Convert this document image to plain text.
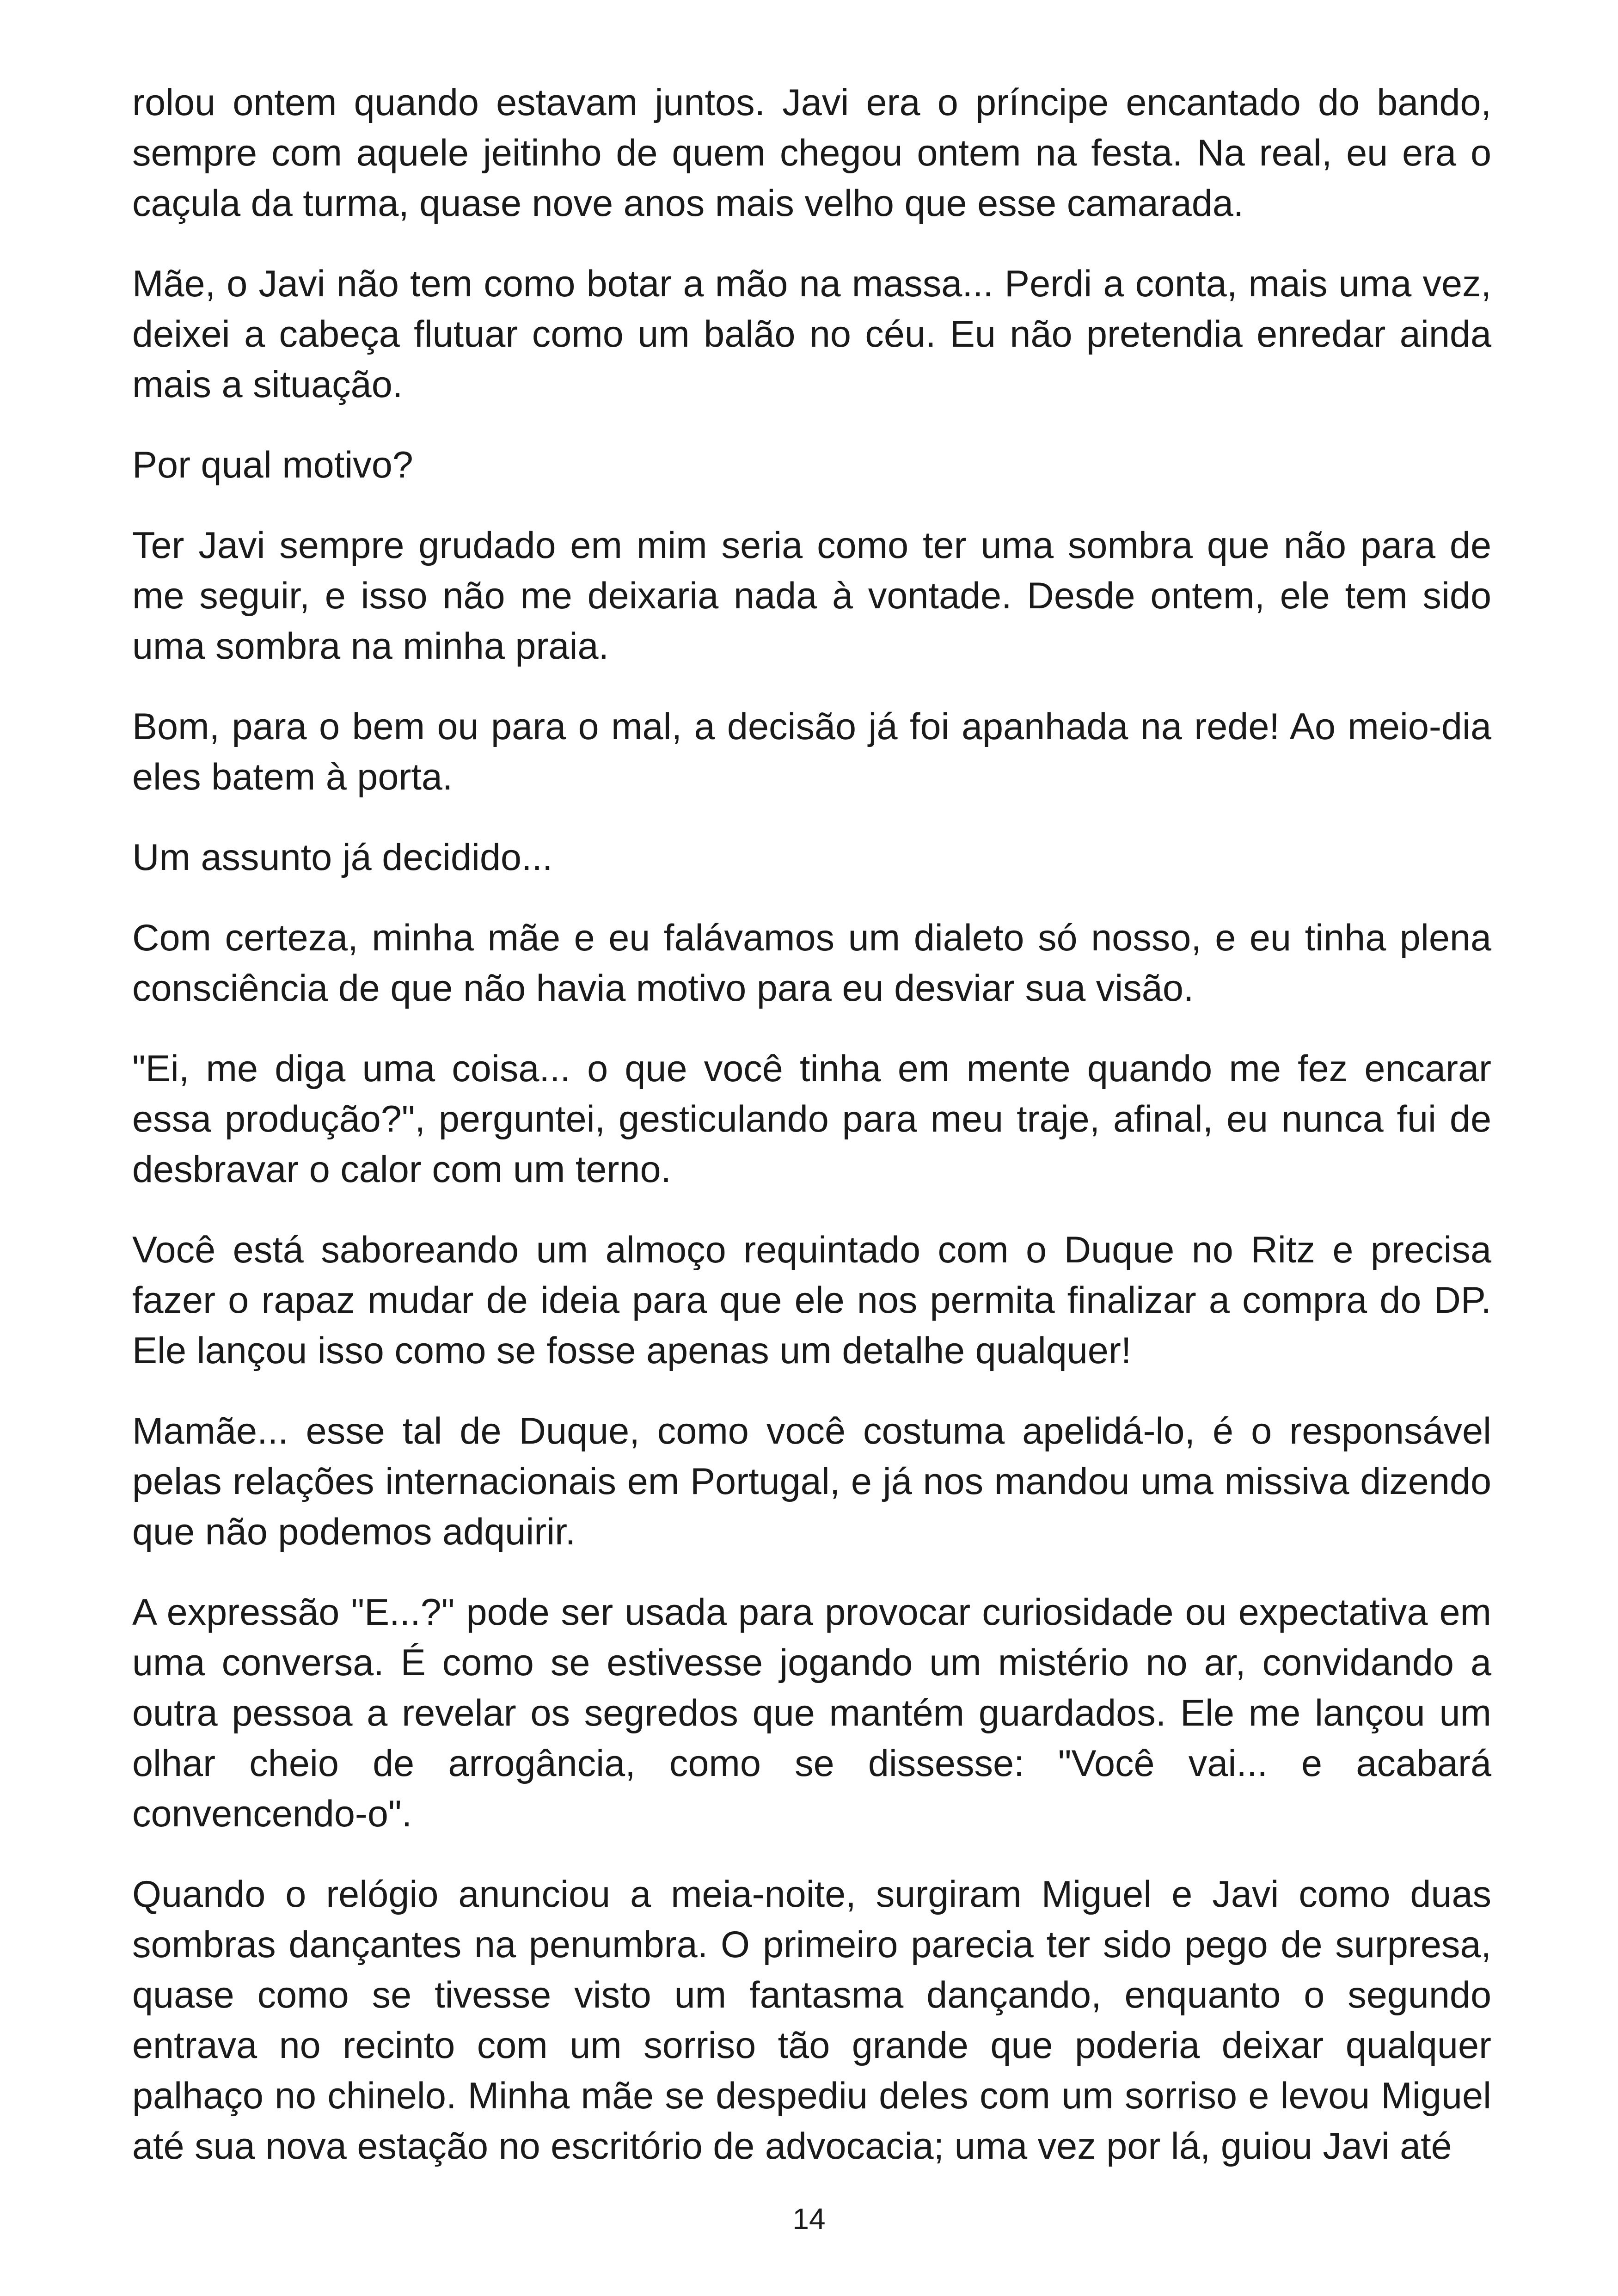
rolou ontem quando estavam juntos. Javi era o príncipe encantado do bando, sempre com aquele jeitinho de quem chegou ontem na festa. Na real, eu era o caçula da turma, quase nove anos mais velho que esse camarada.

Mãe, o Javi não tem como botar a mão na massa... Perdi a conta, mais uma vez, deixei a cabeça flutuar como um balão no céu. Eu não pretendia enredar ainda mais a situação.

Por qual motivo?

Ter Javi sempre grudado em mim seria como ter uma sombra que não para de me seguir, e isso não me deixaria nada à vontade. Desde ontem, ele tem sido uma sombra na minha praia.

Bom, para o bem ou para o mal, a decisão já foi apanhada na rede! Ao meio-dia eles batem à porta.

Um assunto já decidido...

Com certeza, minha mãe e eu falávamos um dialeto só nosso, e eu tinha plena consciência de que não havia motivo para eu desviar sua visão.

"Ei, me diga uma coisa... o que você tinha em mente quando me fez encarar essa produção?", perguntei, gesticulando para meu traje, afinal, eu nunca fui de desbravar o calor com um terno.

Você está saboreando um almoço requintado com o Duque no Ritz e precisa fazer o rapaz mudar de ideia para que ele nos permita finalizar a compra do DP. Ele lançou isso como se fosse apenas um detalhe qualquer!

Mamãe... esse tal de Duque, como você costuma apelidá-lo, é o responsável pelas relações internacionais em Portugal, e já nos mandou uma missiva dizendo que não podemos adquirir.

A expressão "E...?" pode ser usada para provocar curiosidade ou expectativa em uma conversa. É como se estivesse jogando um mistério no ar, convidando a outra pessoa a revelar os segredos que mantém guardados. Ele me lançou um olhar cheio de arrogância, como se dissesse: "Você vai... e acabará convencendo-o".

Quando o relógio anunciou a meia-noite, surgiram Miguel e Javi como duas sombras dançantes na penumbra. O primeiro parecia ter sido pego de surpresa, quase como se tivesse visto um fantasma dançando, enquanto o segundo entrava no recinto com um sorriso tão grande que poderia deixar qualquer palhaço no chinelo. Minha mãe se despediu deles com um sorriso e levou Miguel até sua nova estação no escritório de advocacia; uma vez por lá, guiou Javi até

14
